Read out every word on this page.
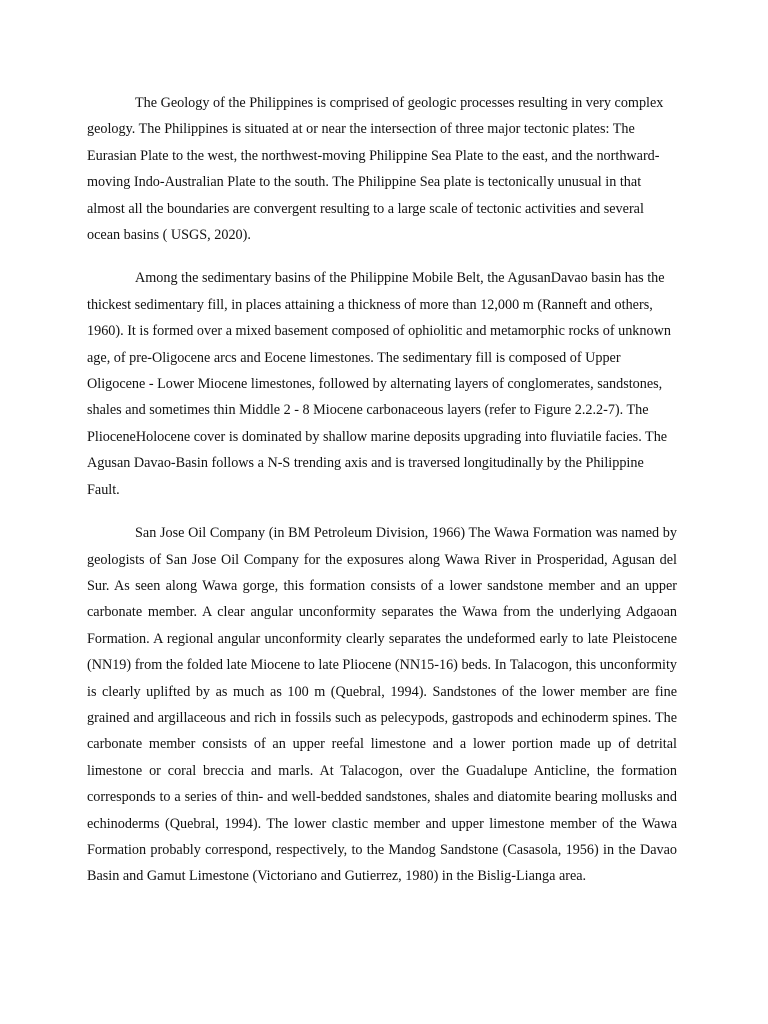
The Geology of the Philippines is comprised of geologic processes resulting in very complex geology. The Philippines is situated at or near the intersection of three major tectonic plates: The Eurasian Plate to the west, the northwest-moving Philippine Sea Plate to the east, and the northward-moving Indo-Australian Plate to the south. The Philippine Sea plate is tectonically unusual in that almost all the boundaries are convergent resulting to a large scale of tectonic activities and several ocean basins ( USGS, 2020).

Among the sedimentary basins of the Philippine Mobile Belt, the AgusanDavao basin has the thickest sedimentary fill, in places attaining a thickness of more than 12,000 m (Ranneft and others, 1960). It is formed over a mixed basement composed of ophiolitic and metamorphic rocks of unknown age, of pre-Oligocene arcs and Eocene limestones. The sedimentary fill is composed of Upper Oligocene - Lower Miocene limestones, followed by alternating layers of conglomerates, sandstones, shales and sometimes thin Middle 2 - 8 Miocene carbonaceous layers (refer to Figure 2.2.2-7). The PlioceneHolocene cover is dominated by shallow marine deposits upgrading into fluviatile facies. The Agusan Davao-Basin follows a N-S trending axis and is traversed longitudinally by the Philippine Fault.

San Jose Oil Company (in BM Petroleum Division, 1966) The Wawa Formation was named by geologists of San Jose Oil Company for the exposures along Wawa River in Prosperidad, Agusan del Sur. As seen along Wawa gorge, this formation consists of a lower sandstone member and an upper carbonate member. A clear angular unconformity separates the Wawa from the underlying Adgaoan Formation. A regional angular unconformity clearly separates the undeformed early to late Pleistocene (NN19) from the folded late Miocene to late Pliocene (NN15-16) beds. In Talacogon, this unconformity is clearly uplifted by as much as 100 m (Quebral, 1994). Sandstones of the lower member are fine grained and argillaceous and rich in fossils such as pelecypods, gastropods and echinoderm spines. The carbonate member consists of an upper reefal limestone and a lower portion made up of detrital limestone or coral breccia and marls. At Talacogon, over the Guadalupe Anticline, the formation corresponds to a series of thin- and well-bedded sandstones, shales and diatomite bearing mollusks and echinoderms (Quebral, 1994). The lower clastic member and upper limestone member of the Wawa Formation probably correspond, respectively, to the Mandog Sandstone (Casasola, 1956) in the Davao Basin and Gamut Limestone (Victoriano and Gutierrez, 1980) in the Bislig-Lianga area.
